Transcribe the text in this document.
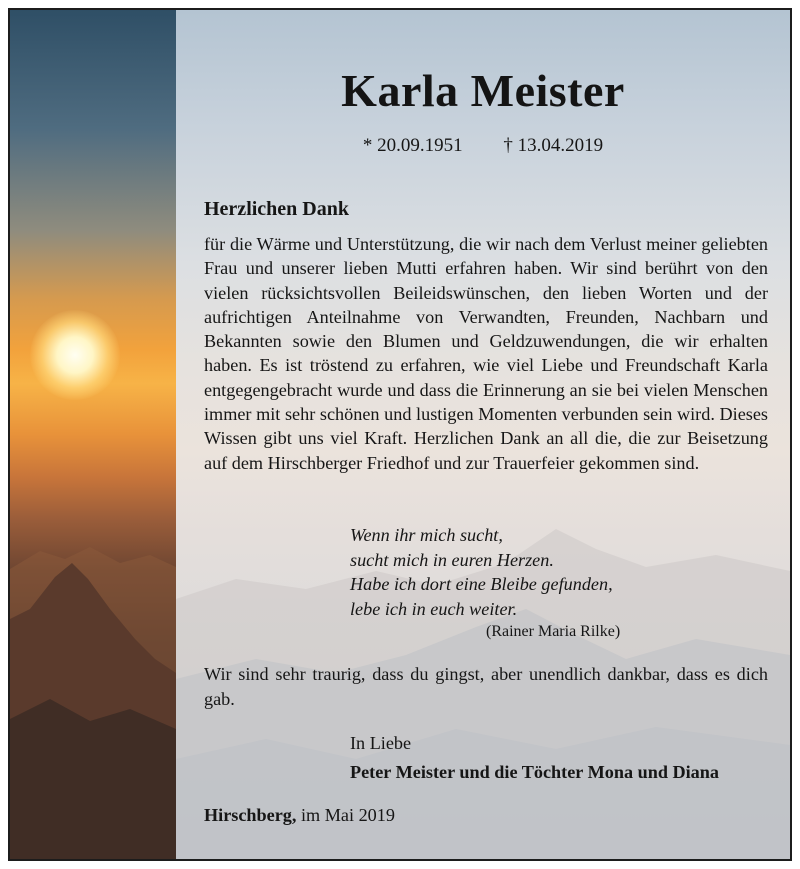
Karla Meister
* 20.09.1951 † 13.04.2019
Herzlichen Dank

für die Wärme und Unterstützung, die wir nach dem Verlust meiner geliebten Frau und unserer lieben Mutti erfahren haben. Wir sind berührt von den vielen rücksichtsvollen Beileidswünschen, den lieben Worten und der aufrichtigen Anteilnahme von Verwandten, Freunden, Nachbarn und Bekannten sowie den Blumen und Geldzuwendungen, die wir erhalten haben. Es ist tröstend zu erfahren, wie viel Liebe und Freundschaft Karla entgegengebracht wurde und dass die Erinnerung an sie bei vielen Menschen immer mit sehr schönen und lustigen Momenten verbunden sein wird. Dieses Wissen gibt uns viel Kraft. Herzlichen Dank an all die, die zur Beisetzung auf dem Hirschberger Friedhof und zur Trauerfeier gekommen sind.

Wenn ihr mich sucht,
sucht mich in euren Herzen.
Habe ich dort eine Bleibe gefunden,
lebe ich in euch weiter.
(Rainer Maria Rilke)

Wir sind sehr traurig, dass du gingst, aber unendlich dankbar, dass es dich gab.

In Liebe
Peter Meister und die Töchter Mona und Diana
Hirschberg, im Mai 2019
